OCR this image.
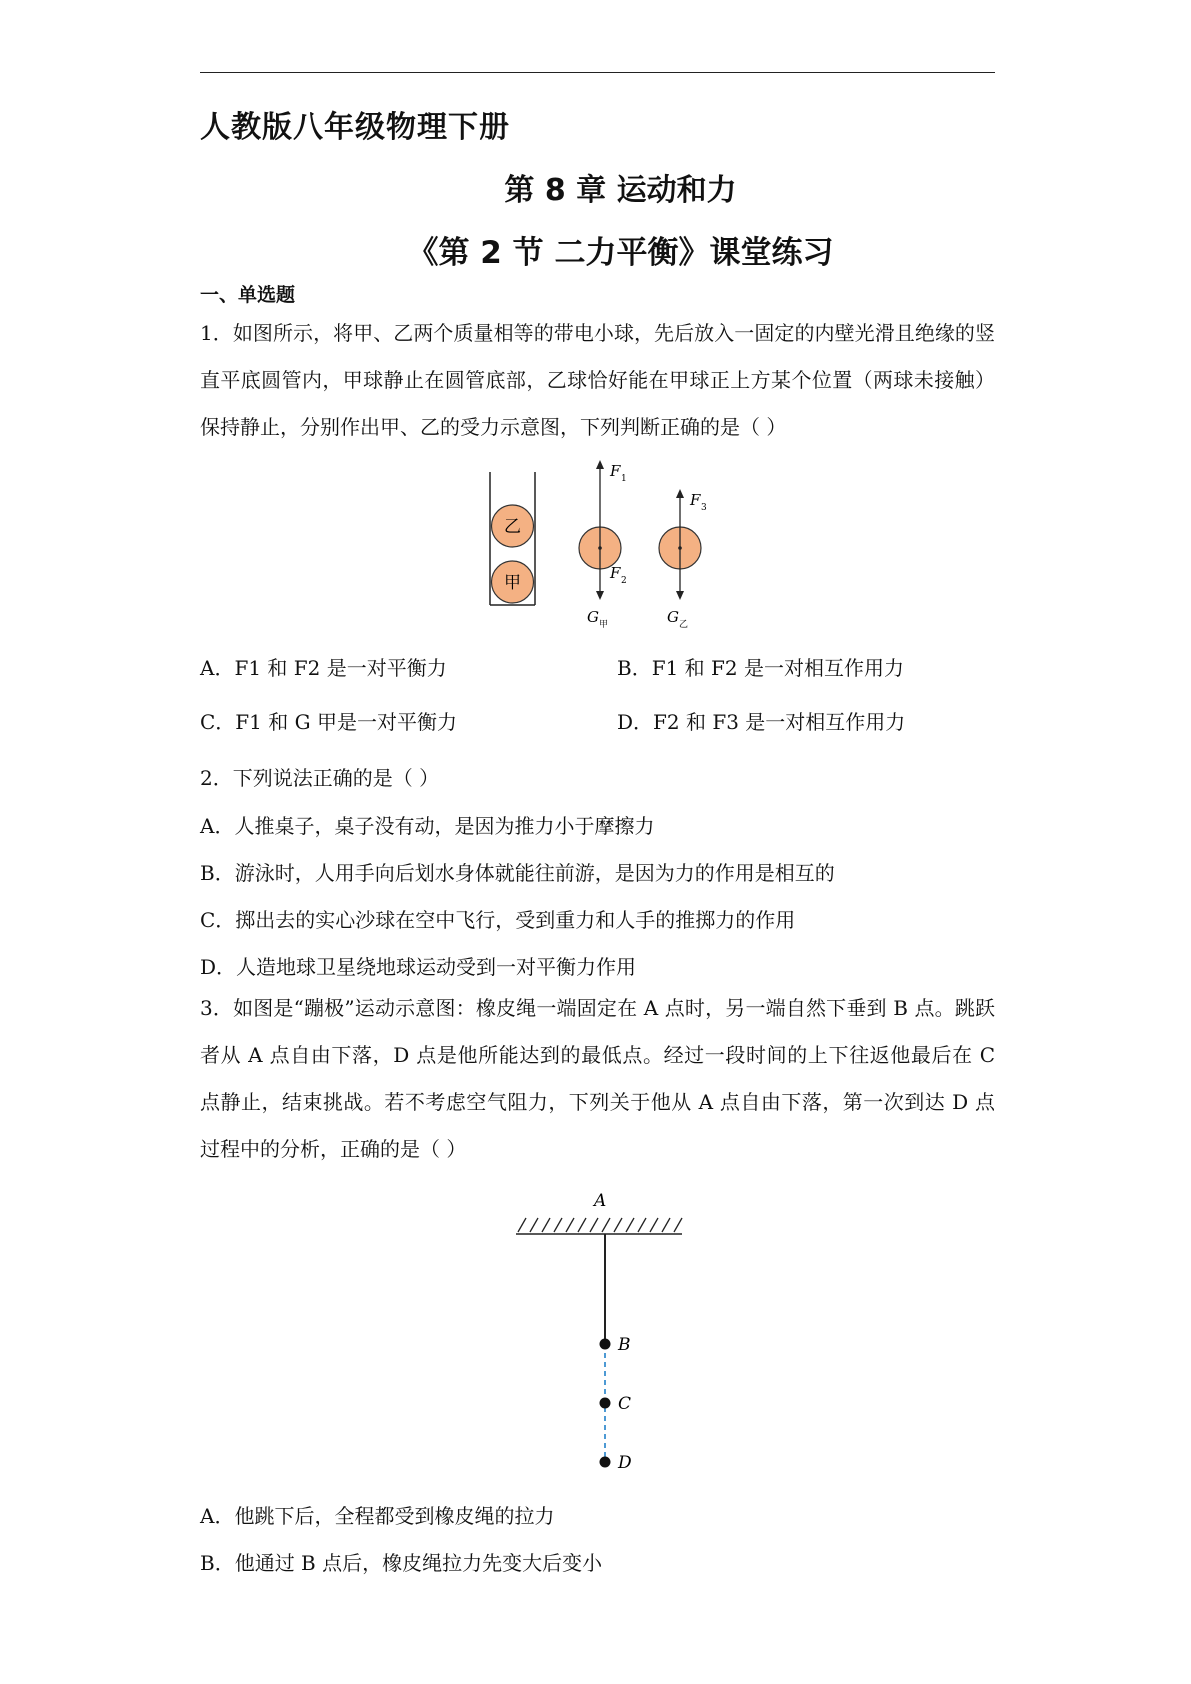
人教版八年级物理下册
第 8 章 运动和力
《第 2 节 二力平衡》课堂练习
一、单选题
1．如图所示，将甲、乙两个质量相等的带电小球，先后放入一固定的内壁光滑且绝缘的竖直平底圆管内，甲球静止在圆管底部，乙球恰好能在甲球正上方某个位置（两球未接触）保持静止，分别作出甲、乙的受力示意图，下列判断正确的是（ ）
乙
甲
F 1
F 2
G 甲
F 3
G 乙
A．F1 和 F2 是一对平衡力	B．F1 和 F2 是一对相互作用力
C．F1 和 G 甲是一对平衡力	D．F2 和 F3 是一对相互作用力
2．下列说法正确的是（ ）
A．人推桌子，桌子没有动，是因为推力小于摩擦力
B．游泳时，人用手向后划水身体就能往前游，是因为力的作用是相互的
C．掷出去的实心沙球在空中飞行，受到重力和人手的推掷力的作用
D．人造地球卫星绕地球运动受到一对平衡力作用
3．如图是“蹦极”运动示意图：橡皮绳一端固定在 A 点时，另一端自然下垂到 B 点。跳跃者从 A 点自由下落，D 点是他所能达到的最低点。经过一段时间的上下往返他最后在 C 点静止，结束挑战。若不考虑空气阻力，下列关于他从 A 点自由下落，第一次到达 D 点过程中的分析，正确的是（ ）
A
B
C
D
A．他跳下后，全程都受到橡皮绳的拉力
B．他通过 B 点后，橡皮绳拉力先变大后变小
